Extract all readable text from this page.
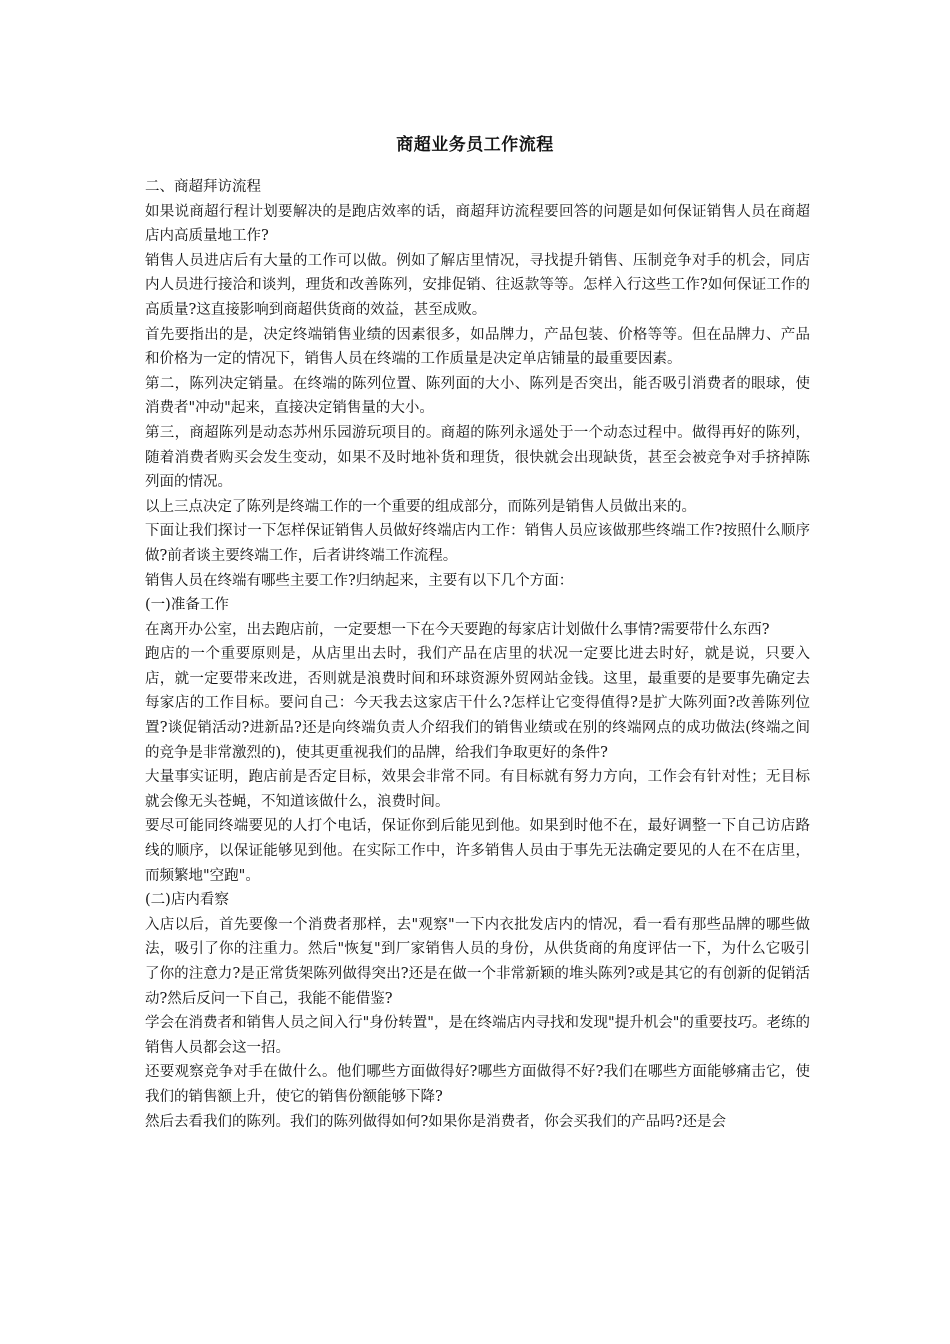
商超业务员工作流程

二、商超拜访流程

如果说商超行程计划要解决的是跑店效率的话，商超拜访流程要回答的问题是如何保证销售人员在商超店内高质量地工作?

销售人员进店后有大量的工作可以做。例如了解店里情况，寻找提升销售、压制竞争对手的机会，同店内人员进行接洽和谈判，理货和改善陈列，安排促销、往返款等等。怎样入行这些工作?如何保证工作的高质量?这直接影响到商超供货商的效益，甚至成败。

首先要指出的是，决定终端销售业绩的因素很多，如品牌力，产品包装、价格等等。但在品牌力、产品和价格为一定的情况下，销售人员在终端的工作质量是决定单店铺量的最重要因素。

第二，陈列决定销量。在终端的陈列位置、陈列面的大小、陈列是否突出，能否吸引消费者的眼球，使消费者"冲动"起来，直接决定销售量的大小。

第三，商超陈列是动态苏州乐园游玩项目的。商超的陈列永遥处于一个动态过程中。做得再好的陈列，随着消费者购买会发生变动，如果不及时地补货和理货，很快就会出现缺货，甚至会被竞争对手挤掉陈列面的情况。

以上三点决定了陈列是终端工作的一个重要的组成部分，而陈列是销售人员做出来的。

下面让我们探讨一下怎样保证销售人员做好终端店内工作：销售人员应该做那些终端工作?按照什么顺序做?前者谈主要终端工作，后者讲终端工作流程。

销售人员在终端有哪些主要工作?归纳起来，主要有以下几个方面：

(一)准备工作

在离开办公室，出去跑店前，一定要想一下在今天要跑的每家店计划做什么事情?需要带什么东西?

跑店的一个重要原则是，从店里出去时，我们产品在店里的状况一定要比进去时好，就是说，只要入店，就一定要带来改进，否则就是浪费时间和环球资源外贸网站金钱。这里，最重要的是要事先确定去每家店的工作目标。要问自己：今天我去这家店干什么?怎样让它变得值得?是扩大陈列面?改善陈列位置?谈促销活动?进新品?还是向终端负责人介绍我们的销售业绩或在别的终端网点的成功做法(终端之间的竞争是非常激烈的)，使其更重视我们的品牌，给我们争取更好的条件?

大量事实证明，跑店前是否定目标，效果会非常不同。有目标就有努力方向，工作会有针对性；无目标就会像无头苍蝇，不知道该做什么，浪费时间。

要尽可能同终端要见的人打个电话，保证你到后能见到他。如果到时他不在，最好调整一下自己访店路线的顺序，以保证能够见到他。在实际工作中，许多销售人员由于事先无法确定要见的人在不在店里，而频繁地"空跑"。

(二)店内看察

入店以后，首先要像一个消费者那样，去"观察"一下内衣批发店内的情况，看一看有那些品牌的哪些做法，吸引了你的注重力。然后"恢复"到厂家销售人员的身份，从供货商的角度评估一下，为什么它吸引了你的注意力?是正常货架陈列做得突出?还是在做一个非常新颖的堆头陈列?或是其它的有创新的促销活动?然后反问一下自己，我能不能借鉴?

学会在消费者和销售人员之间入行"身份转置"，是在终端店内寻找和发现"提升机会"的重要技巧。老练的销售人员都会这一招。

还要观察竞争对手在做什么。他们哪些方面做得好?哪些方面做得不好?我们在哪些方面能够痛击它，使我们的销售额上升，使它的销售份额能够下降?

然后去看我们的陈列。我们的陈列做得如何?如果你是消费者，你会买我们的产品吗?还是会
